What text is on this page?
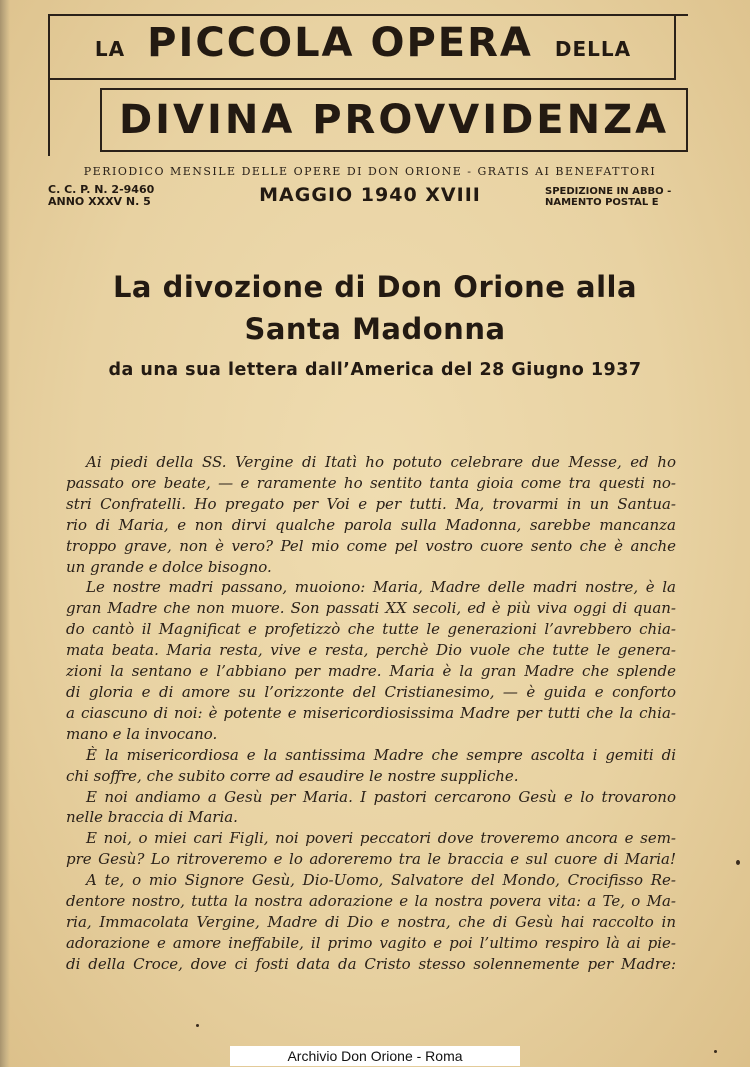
LA PICCOLA OPERA DELLA
DIVINA PROVVIDENZA
PERIODICO MENSILE DELLE OPERE DI DON ORIONE - GRATIS AI BENEFATTORI
C. C. P. N. 2-9460
ANNO XXXV N. 5	MAGGIO 1940 XVIII	SPEDIZIONE IN ABBO -
NAMENTO POSTAL E
La divozione di Don Orione alla
Santa Madonna
da una sua lettera dall’America del 28 Giugno 1937
Ai piedi della SS. Vergine di Itatì ho potuto celebrare due Messe, ed ho
passato ore beate, — e raramente ho sentito tanta gioia come tra questi no-
stri Confratelli. Ho pregato per Voi e per tutti. Ma, trovarmi in un Santua-
rio di Maria, e non dirvi qualche parola sulla Madonna, sarebbe mancanza
troppo grave, non è vero? Pel mio come pel vostro cuore sento che è anche
un grande e dolce bisogno.
Le nostre madri passano, muoiono: Maria, Madre delle madri nostre, è la
gran Madre che non muore. Son passati XX secoli, ed è più viva oggi di quan-
do cantò il Magnificat e profetizzò che tutte le generazioni l’avrebbero chia-
mata beata. Maria resta, vive e resta, perchè Dio vuole che tutte le genera-
zioni la sentano e l’abbiano per madre. Maria è la gran Madre che splende
di gloria e di amore su l’orizzonte del Cristianesimo, — è guida e conforto
a ciascuno di noi: è potente e misericordiosissima Madre per tutti che la chia-
mano e la invocano.
È la misericordiosa e la santissima Madre che sempre ascolta i gemiti di
chi soffre, che subito corre ad esaudire le nostre suppliche.
E noi andiamo a Gesù per Maria. I pastori cercarono Gesù e lo trovarono
nelle braccia di Maria.
E noi, o miei cari Figli, noi poveri peccatori dove troveremo ancora e sem-
pre Gesù? Lo ritroveremo e lo adoreremo tra le braccia e sul cuore di Maria!
A te, o mio Signore Gesù, Dio-Uomo, Salvatore del Mondo, Crocifisso Re-
dentore nostro, tutta la nostra adorazione e la nostra povera vita: a Te, o Ma-
ria, Immacolata Vergine, Madre di Dio e nostra, che di Gesù hai raccolto in
adorazione e amore ineffabile, il primo vagito e poi l’ultimo respiro là ai pie-
di della Croce, dove ci fosti data da Cristo stesso solennemente per Madre:
Archivio Don Orione - Roma
